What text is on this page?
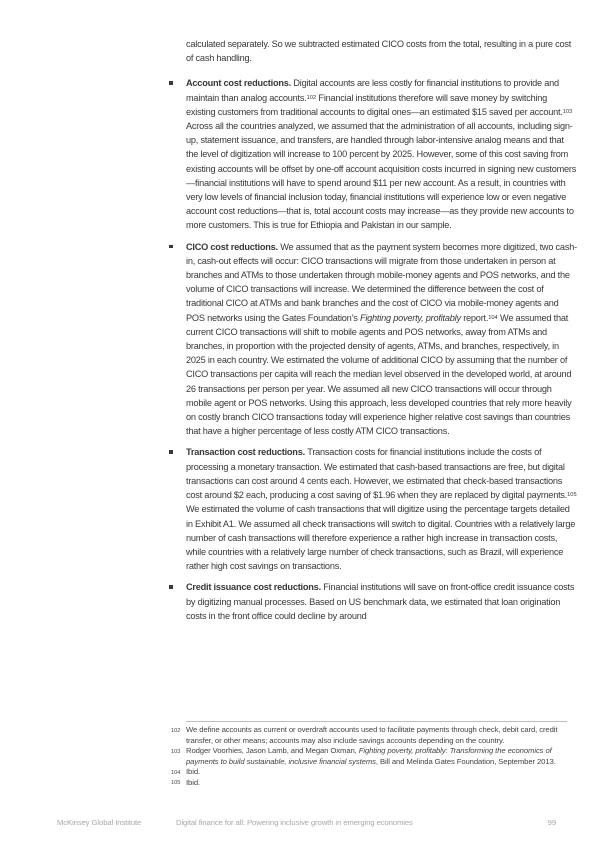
calculated separately. So we subtracted estimated CICO costs from the total, resulting in a pure cost of cash handling.

Account cost reductions. Digital accounts are less costly for financial institutions to provide and maintain than analog accounts.$^{102}$ Financial institutions therefore will save money by switching existing customers from traditional accounts to digital ones—an estimated $15 saved per account.$^{103}$ Across all the countries analyzed, we assumed that the administration of all accounts, including sign-up, statement issuance, and transfers, are handled through labor-intensive analog means and that the level of digitization will increase to 100 percent by 2025. However, some of this cost saving from existing accounts will be offset by one-off account acquisition costs incurred in signing new customers—financial institutions will have to spend around $11 per new account. As a result, in countries with very low levels of financial inclusion today, financial institutions will experience low or even negative account cost reductions—that is, total account costs may increase—as they provide new accounts to more customers. This is true for Ethiopia and Pakistan in our sample.

CICO cost reductions. We assumed that as the payment system becomes more digitized, two cash-in, cash-out effects will occur: CICO transactions will migrate from those undertaken in person at branches and ATMs to those undertaken through mobile-money agents and POS networks, and the volume of CICO transactions will increase. We determined the difference between the cost of traditional CICO at ATMs and bank branches and the cost of CICO via mobile-money agents and POS networks using the Gates Foundation’s Fighting poverty, profitably report.$^{104}$ We assumed that current CICO transactions will shift to mobile agents and POS networks, away from ATMs and branches, in proportion with the projected density of agents, ATMs, and branches, respectively, in 2025 in each country. We estimated the volume of additional CICO by assuming that the number of CICO transactions per capita will reach the median level observed in the developed world, at around 26 transactions per person per year. We assumed all new CICO transactions will occur through mobile agent or POS networks. Using this approach, less developed countries that rely more heavily on costly branch CICO transactions today will experience higher relative cost savings than countries that have a higher percentage of less costly ATM CICO transactions.

Transaction cost reductions. Transaction costs for financial institutions include the costs of processing a monetary transaction. We estimated that cash-based transactions are free, but digital transactions can cost around 4 cents each. However, we estimated that check-based transactions cost around $2 each, producing a cost saving of $1.96 when they are replaced by digital payments.$^{105}$ We estimated the volume of cash transactions that will digitize using the percentage targets detailed in Exhibit A1. We assumed all check transactions will switch to digital. Countries with a relatively large number of cash transactions will therefore experience a rather high increase in transaction costs, while countries with a relatively large number of check transactions, such as Brazil, will experience rather high cost savings on transactions.

Credit issuance cost reductions. Financial institutions will save on front-office credit issuance costs by digitizing manual processes. Based on US benchmark data, we estimated that loan origination costs in the front office could decline by around

102 We define accounts as current or overdraft accounts used to facilitate payments through check, debit card, credit transfer, or other means; accounts may also include savings accounts depending on the country.
103 Rodger Voorhies, Jason Lamb, and Megan Oxman, Fighting poverty, profitably: Transforming the economics of payments to build sustainable, inclusive financial systems, Bill and Melinda Gates Foundation, September 2013.
104 Ibid.
105 Ibid.
McKinsey Global Institute	Digital finance for all: Powering inclusive growth in emerging economies	99
